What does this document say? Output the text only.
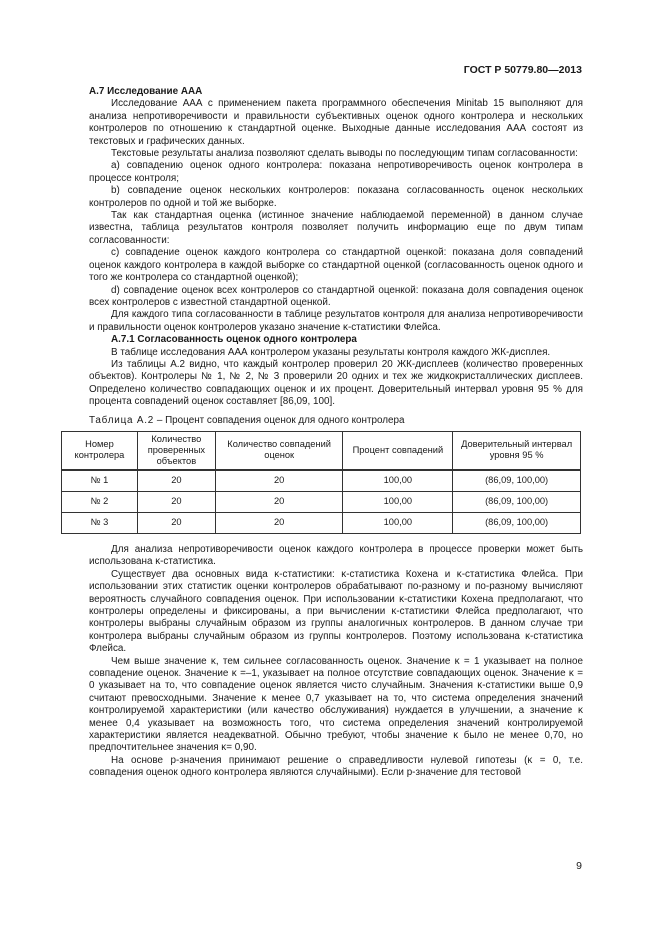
ГОСТ Р 50779.80—2013

А.7 Исследование ААА

Исследование ААА с применением пакета программного обеспечения Minitab 15 выполняют для анализа непротиворечивости и правильности субъективных оценок одного контролера и нескольких контролеров по отношению к стандартной оценке. Выходные данные исследования ААА состоят из текстовых и графических данных.

Текстовые результаты анализа позволяют сделать выводы по последующим типам согласованности:

a) совпадению оценок одного контролера: показана непротиворечивость оценок контролера в процессе контроля;

b) совпадение оценок нескольких контролеров: показана согласованность оценок нескольких контролеров по одной и той же выборке.

Так как стандартная оценка (истинное значение наблюдаемой переменной) в данном случае известна, таблица результатов контроля позволяет получить информацию еще по двум типам согласованности:

c) совпадение оценок каждого контролера со стандартной оценкой: показана доля совпадений оценок каждого контролера в каждой выборке со стандартной оценкой (согласованность оценок одного и того же контролера со стандартной оценкой);

d) совпадение оценок всех контролеров со стандартной оценкой: показана доля совпадения оценок всех контролеров с известной стандартной оценкой.

Для каждого типа согласованности в таблице результатов контроля для анализа непротиворечивости и правильности оценок контролеров указано значение κ-статистики Флейса.

А.7.1 Согласованность оценок одного контролера

В таблице исследования ААА контролером указаны результаты контроля каждого ЖК-дисплея.

Из таблицы А.2 видно, что каждый контролер проверил 20 ЖК-дисплеев (количество проверенных объектов). Контролеры № 1, № 2, № 3 проверили 20 одних и тех же жидкокристаллических дисплеев. Определено количество совпадающих оценок и их процент. Доверительный интервал уровня 95 % для процента совпадений оценок составляет [86,09, 100].

Таблица А.2 – Процент совпадения оценок для одного контролера

Номер контролера	Количество проверенных объектов	Количество совпадений оценок	Процент совпадений	Доверительный интервал уровня 95 %
№ 1	20	20	100,00	(86,09, 100,00)
№ 2	20	20	100,00	(86,09, 100,00)
№ 3	20	20	100,00	(86,09, 100,00)

Для анализа непротиворечивости оценок каждого контролера в процессе проверки может быть использована κ-статистика.

Существует два основных вида κ-статистики: κ-статистика Кохена и κ-статистика Флейса. При использовании этих статистик оценки контролеров обрабатывают по-разному и по-разному вычисляют вероятность случайного совпадения оценок. При использовании κ-статистики Кохена предполагают, что контролеры определены и фиксированы, а при вычислении κ-статистики Флейса предполагают, что контролеры выбраны случайным образом из группы аналогичных контролеров. В данном случае три контролера выбраны случайным образом из группы контролеров. Поэтому использована κ-статистика Флейса.

Чем выше значение κ, тем сильнее согласованность оценок. Значение κ = 1 указывает на полное совпадение оценок. Значение κ =–1, указывает на полное отсутствие совпадающих оценок. Значение κ = 0 указывает на то, что совпадение оценок является чисто случайным. Значения κ-статистики выше 0,9 считают превосходными. Значение κ менее 0,7 указывает на то, что система определения значений контролируемой характеристики (или качество обслуживания) нуждается в улучшении, а значение κ менее 0,4 указывает на возможность того, что система определения значений контролируемой характеристики является неадекватной. Обычно требуют, чтобы значение κ было не менее 0,70, но предпочтительнее значения κ= 0,90.

На основе p-значения принимают решение о справедливости нулевой гипотезы (κ = 0, т.е. совпадения оценок одного контролера являются случайными). Если p-значение для тестовой

9
